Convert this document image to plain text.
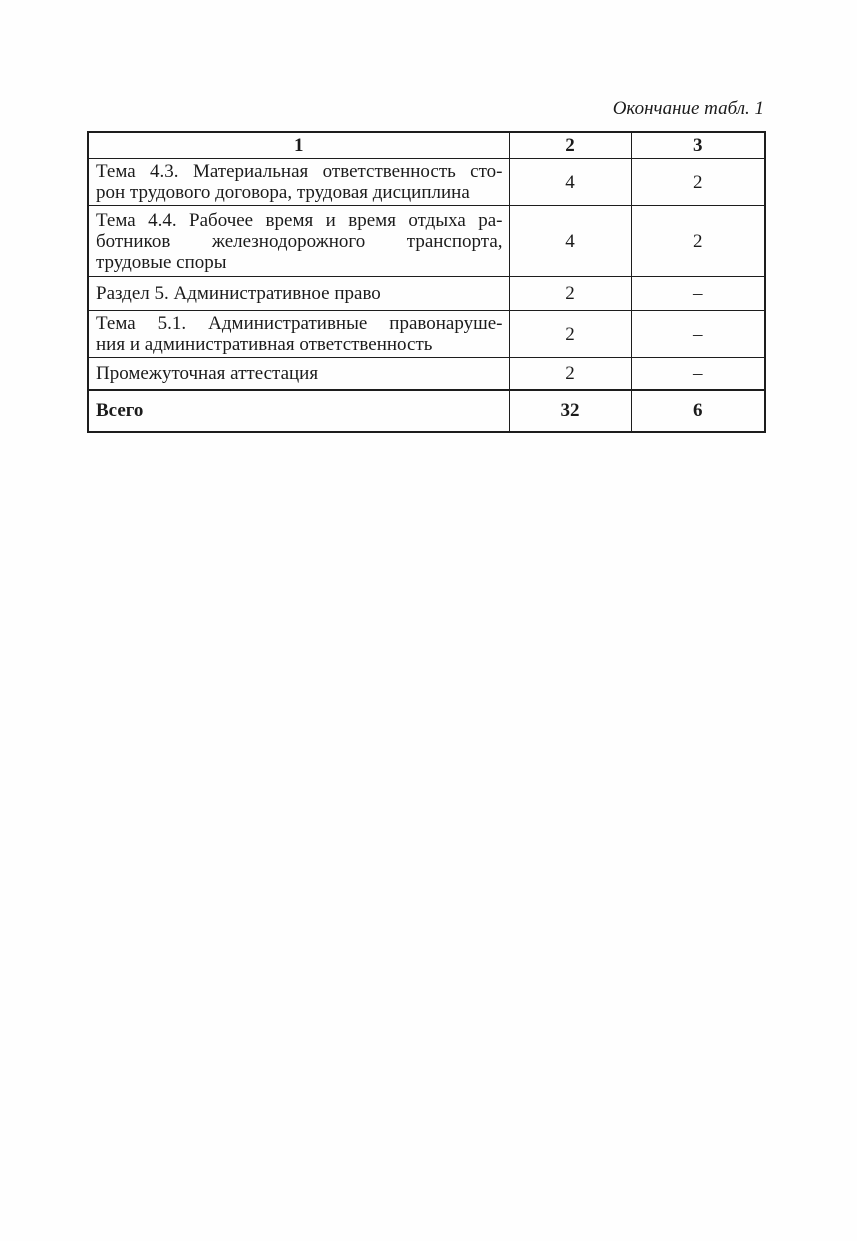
Окончание табл. 1
1	2	3

Тема 4.3. Материальная ответственность сто-
рон трудового договора, трудовая дисциплина	4	2

Тема 4.4. Рабочее время и время отдыха ра-
ботников железнодорожного транспорта,
трудовые споры	4	2

Раздел 5. Административное право	2	–

Тема 5.1. Административные правонаруше-
ния и административная ответственность	2	–

Промежуточная аттестация	2	–
Всего	32	6
